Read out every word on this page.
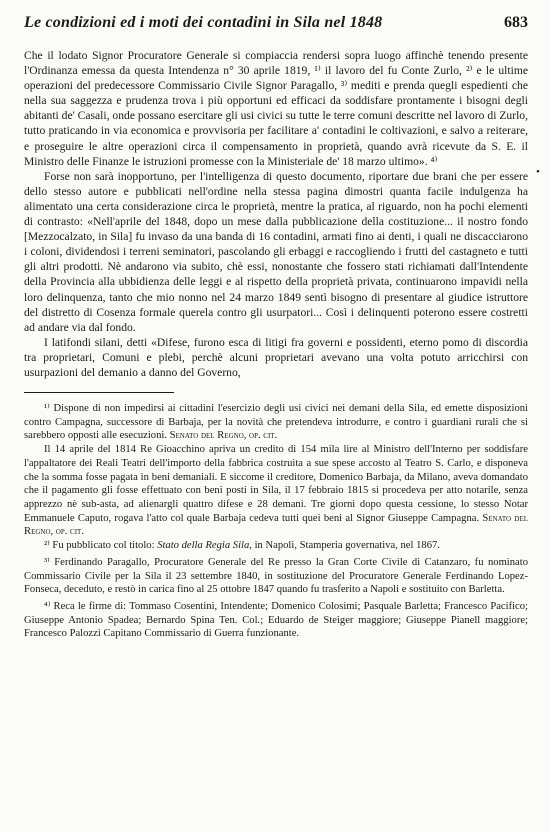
Le condizioni ed i moti dei contadini in Sila nel 1848	683

Che il lodato Signor Procuratore Generale si compiaccia rendersi sopra luogo affinchè tenendo presente l'Ordinanza emessa da questa Intendenza n° 30 aprile 1819, ¹⁾ il lavoro del fu Conte Zurlo, ²⁾ e le ultime operazioni del predecessore Commissario Civile Signor Paragallo, ³⁾ mediti e prenda quegli espedienti che nella sua saggezza e prudenza trova i più opportuni ed efficaci da soddisfare prontamente i bisogni degli abitanti de' Casali, onde possano esercitare gli usi civici su tutte le terre comuni descritte nel lavoro di Zurlo, tutto praticando in via economica e provvisoria per facilitare a' contadini le coltivazioni, e salvo a reiterare, e proseguire le altre operazioni circa il compensamento in proprietà, quando avrà ricevute da S. E. il Ministro delle Finanze le istruzioni promesse con la Ministeriale de' 18 marzo ultimo». ⁴⁾

Forse non sarà inopportuno, per l'intelligenza di questo documento, riportare due brani che per essere dello stesso autore e pubblicati nell'ordine nella stessa pagina dimostri quanta facile indulgenza ha alimentato una certa considerazione circa le proprietà, mentre la pratica, al riguardo, non ha pochi elementi di contrasto: «Nell'aprile del 1848, dopo un mese dalla pubblicazione della costituzione... il nostro fondo [Mezzocalzato, in Sila] fu invaso da una banda di 16 contadini, armati fino ai denti, i quali ne discacciarono i coloni, dividendosi i terreni seminatori, pascolando gli erbaggi e raccogliendo i frutti del castagneto e tutti gli altri prodotti. Nè andarono via subito, chè essi, nonostante che fossero stati richiamati dall'Intendente della Provincia alla ubbidienza delle leggi e al rispetto della proprietà privata, continuarono impavidi nella loro delinquenza, tanto che mio nonno nel 24 marzo 1849 sentì bisogno di presentare al giudice istruttore del distretto di Cosenza formale querela contro gli usurpatori... Così i delinquenti poterono essere costretti ad andare via dal fondo.

I latifondi silani, detti «Difese, furono esca di litigi fra governi e possidenti, eterno pomo di discordia tra proprietari, Comuni e plebi, perchè alcuni proprietari avevano una volta potuto arricchirsi con usurpazioni del demanio a danno del Governo,

¹⁾ Dispone di non impedirsi ai cittadini l'esercizio degli usi civici nei demani della Sila, ed emette disposizioni contro Campagna, successore di Barbaja, per la novità che pretendeva introdurre, e contro i guardiani rurali che si sarebbero opposti alle esecuzioni. Senato del Regno, op. cit.

Il 14 aprile del 1814 Re Gioacchino apriva un credito di 154 mila lire al Ministro dell'Interno per soddisfare l'appaltatore dei Reali Teatri dell'importo della fabbrica costruita a sue spese accosto al Teatro S. Carlo, e disponeva che la somma fosse pagata in beni demaniali. E siccome il creditore, Domenico Barbaja, da Milano, aveva domandato che il pagamento gli fosse effettuato con beni posti in Sila, il 17 febbraio 1815 si procedeva per atto notarile, senza apprezzo nè sub-asta, ad alienargli quattro difese e 28 demani. Tre giorni dopo questa cessione, lo stesso Notar Emmanuele Caputo, rogava l'atto col quale Barbaja cedeva tutti quei beni al Signor Giuseppe Campagna. Senato del Regno, op. cit.

²⁾ Fu pubblicato col titolo: Stato della Regia Sila, in Napoli, Stamperia governativa, nel 1867.

³⁾ Ferdinando Paragallo, Procuratore Generale del Re presso la Gran Corte Civile di Catanzaro, fu nominato Commissario Civile per la Sila il 23 settembre 1840, in sostituzione del Procuratore Generale Ferdinando Lopez-Fonseca, deceduto, e restò in carica fino al 25 ottobre 1847 quando fu trasferito a Napoli e sostituito con Barletta.

⁴⁾ Reca le firme di: Tommaso Cosentini, Intendente; Domenico Colosimi; Pasquale Barletta; Francesco Pacifico; Giuseppe Antonio Spadea; Bernardo Spina Ten. Col.; Eduardo de Steiger maggiore; Giuseppe Pianell maggiore; Francesco Palozzi Capitano Commissario di Guerra funzionante.

•
